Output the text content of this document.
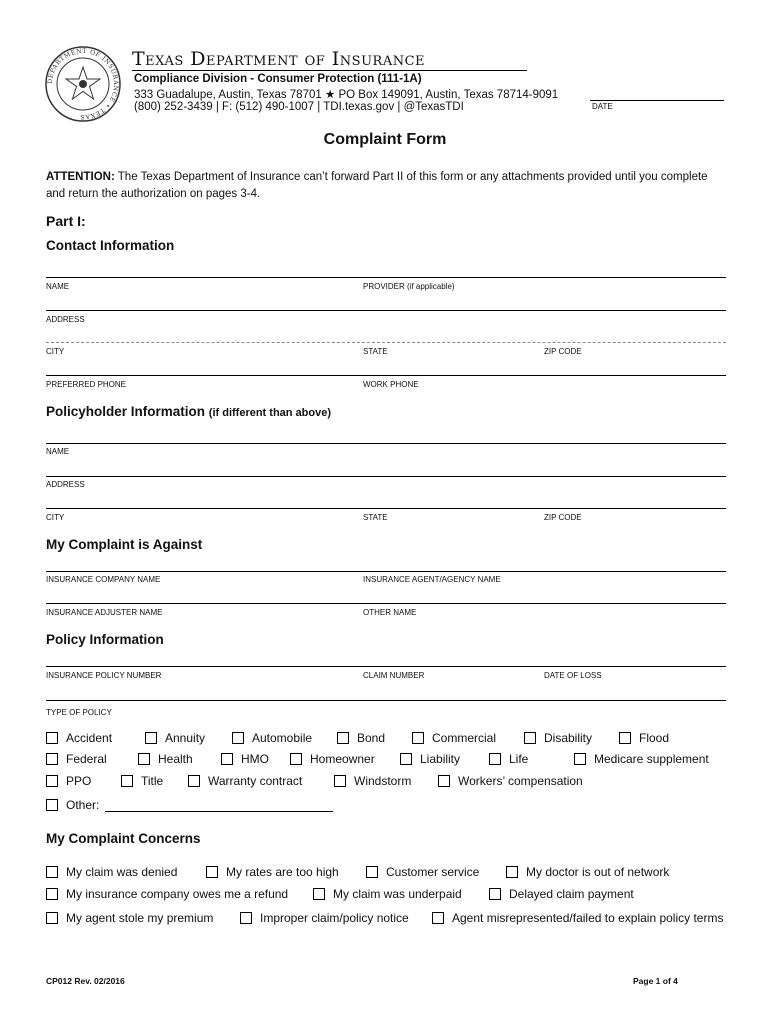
DEPARTMENT OF INSURANCE • TEXAS
Texas Department of Insurance
Compliance Division - Consumer Protection (111-1A)
333 Guadalupe, Austin, Texas 78701 ★ PO Box 149091, Austin, Texas 78714-9091
(800) 252-3439 | F: (512) 490-1007 | TDI.texas.gov | @TexasTDI	DATE
Complaint Form
ATTENTION: The Texas Department of Insurance can’t forward Part II of this form or any attachments provided until you complete and return the authorization on pages 3-4.
Part I:
Contact Information
NAME	PROVIDER (if applicable)
ADDRESS
CITY	STATE	ZIP CODE
PREFERRED PHONE	WORK PHONE
Policyholder Information (if different than above)
NAME
ADDRESS
CITY	STATE	ZIP CODE
My Complaint is Against
INSURANCE COMPANY NAME	INSURANCE AGENT/AGENCY NAME
INSURANCE ADJUSTER NAME	OTHER NAME
Policy Information
INSURANCE POLICY NUMBER	CLAIM NUMBER	DATE OF LOSS
TYPE OF POLICY
Accident	Annuity	Automobile	Bond	Commercial	Disability	Flood
Federal	Health	HMO	Homeowner	Liability	Life	Medicare supplement
PPO	Title	Warranty contract	Windstorm	Workers’ compensation
Other:
My Complaint Concerns
My claim was denied	My rates are too high	Customer service	My doctor is out of network
My insurance company owes me a refund	My claim was underpaid	Delayed claim payment
My agent stole my premium	Improper claim/policy notice	Agent misrepresented/failed to explain policy terms
CP012 Rev. 02/2016	Page 1 of 4
